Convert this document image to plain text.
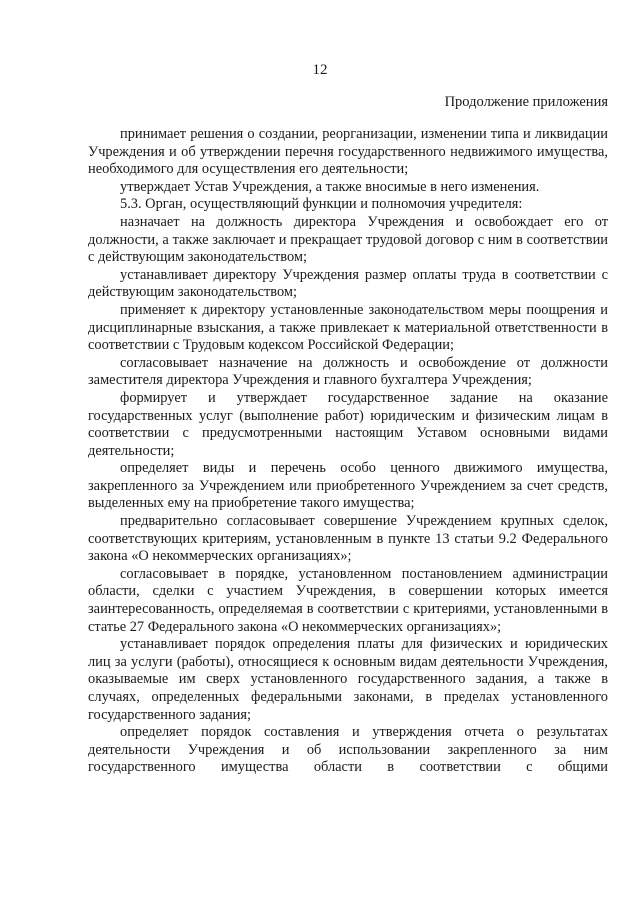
12
Продолжение приложения

принимает решения о создании, реорганизации, изменении типа и ликвидации Учреждения и об утверждении перечня государственного недвижимого имущества, необходимого для осуществления его деятельности;

утверждает Устав Учреждения, а также вносимые в него изменения.

5.3. Орган, осуществляющий функции и полномочия учредителя:

назначает на должность директора Учреждения и освобождает его от должности, а также заключает и прекращает трудовой договор с ним в соответствии с действующим законодательством;

устанавливает директору Учреждения размер оплаты труда в соответствии с действующим законодательством;

применяет к директору установленные законодательством меры поощрения и дисциплинарные взыскания, а также привлекает к материальной ответственности в соответствии с Трудовым кодексом Российской Федерации;

согласовывает назначение на должность и освобождение от должности заместителя директора Учреждения и главного бухгалтера Учреждения;

формирует и утверждает государственное задание на оказание государственных услуг (выполнение работ) юридическим и физическим лицам в соответствии с предусмотренными настоящим Уставом основными видами деятельности;

определяет виды и перечень особо ценного движимого имущества, закрепленного за Учреждением или приобретенного Учреждением за счет средств, выделенных ему на приобретение такого имущества;

предварительно согласовывает совершение Учреждением крупных сделок, соответствующих критериям, установленным в пункте 13 статьи 9.2 Федерального закона «О некоммерческих организациях»;

согласовывает в порядке, установленном постановлением администрации области, сделки с участием Учреждения, в совершении которых имеется заинтересованность, определяемая в соответствии с критериями, установленными в статье 27 Федерального закона «О некоммерческих организациях»;

устанавливает порядок определения платы для физических и юридических лиц за услуги (работы), относящиеся к основным видам деятельности Учреждения, оказываемые им сверх установленного государственного задания, а также в случаях, определенных федеральными законами, в пределах установленного государственного задания;

определяет порядок составления и утверждения отчета о результатах деятельности Учреждения и об использовании закрепленного за ним государственного имущества области в соответствии с общими
